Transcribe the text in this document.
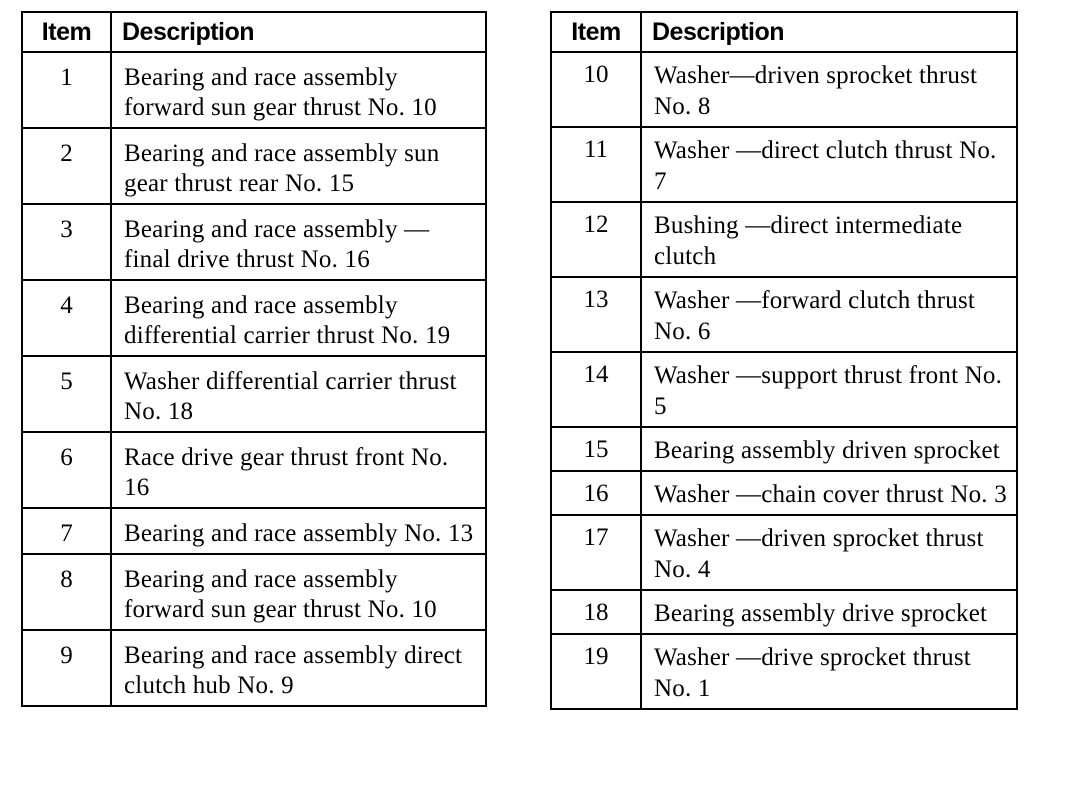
Item	Description
1	Bearing and race assembly forward sun gear thrust No. 10
2	Bearing and race assembly sun gear thrust rear No. 15
3	Bearing and race assembly — final drive thrust No. 16
4	Bearing and race assembly differential carrier thrust No. 19
5	Washer differential carrier thrust No. 18
6	Race drive gear thrust front No. 16
7	Bearing and race assembly No. 13
8	Bearing and race assembly forward sun gear thrust No. 10
9	Bearing and race assembly direct clutch hub No. 9
Item	Description
10	Washer—driven sprocket thrust No. 8
11	Washer —direct clutch thrust No. 7
12	Bushing —direct intermediate clutch
13	Washer —forward clutch thrust No. 6
14	Washer —support thrust front No. 5
15	Bearing assembly driven sprocket
16	Washer —chain cover thrust No. 3
17	Washer —driven sprocket thrust No. 4
18	Bearing assembly drive sprocket
19	Washer —drive sprocket thrust No. 1
